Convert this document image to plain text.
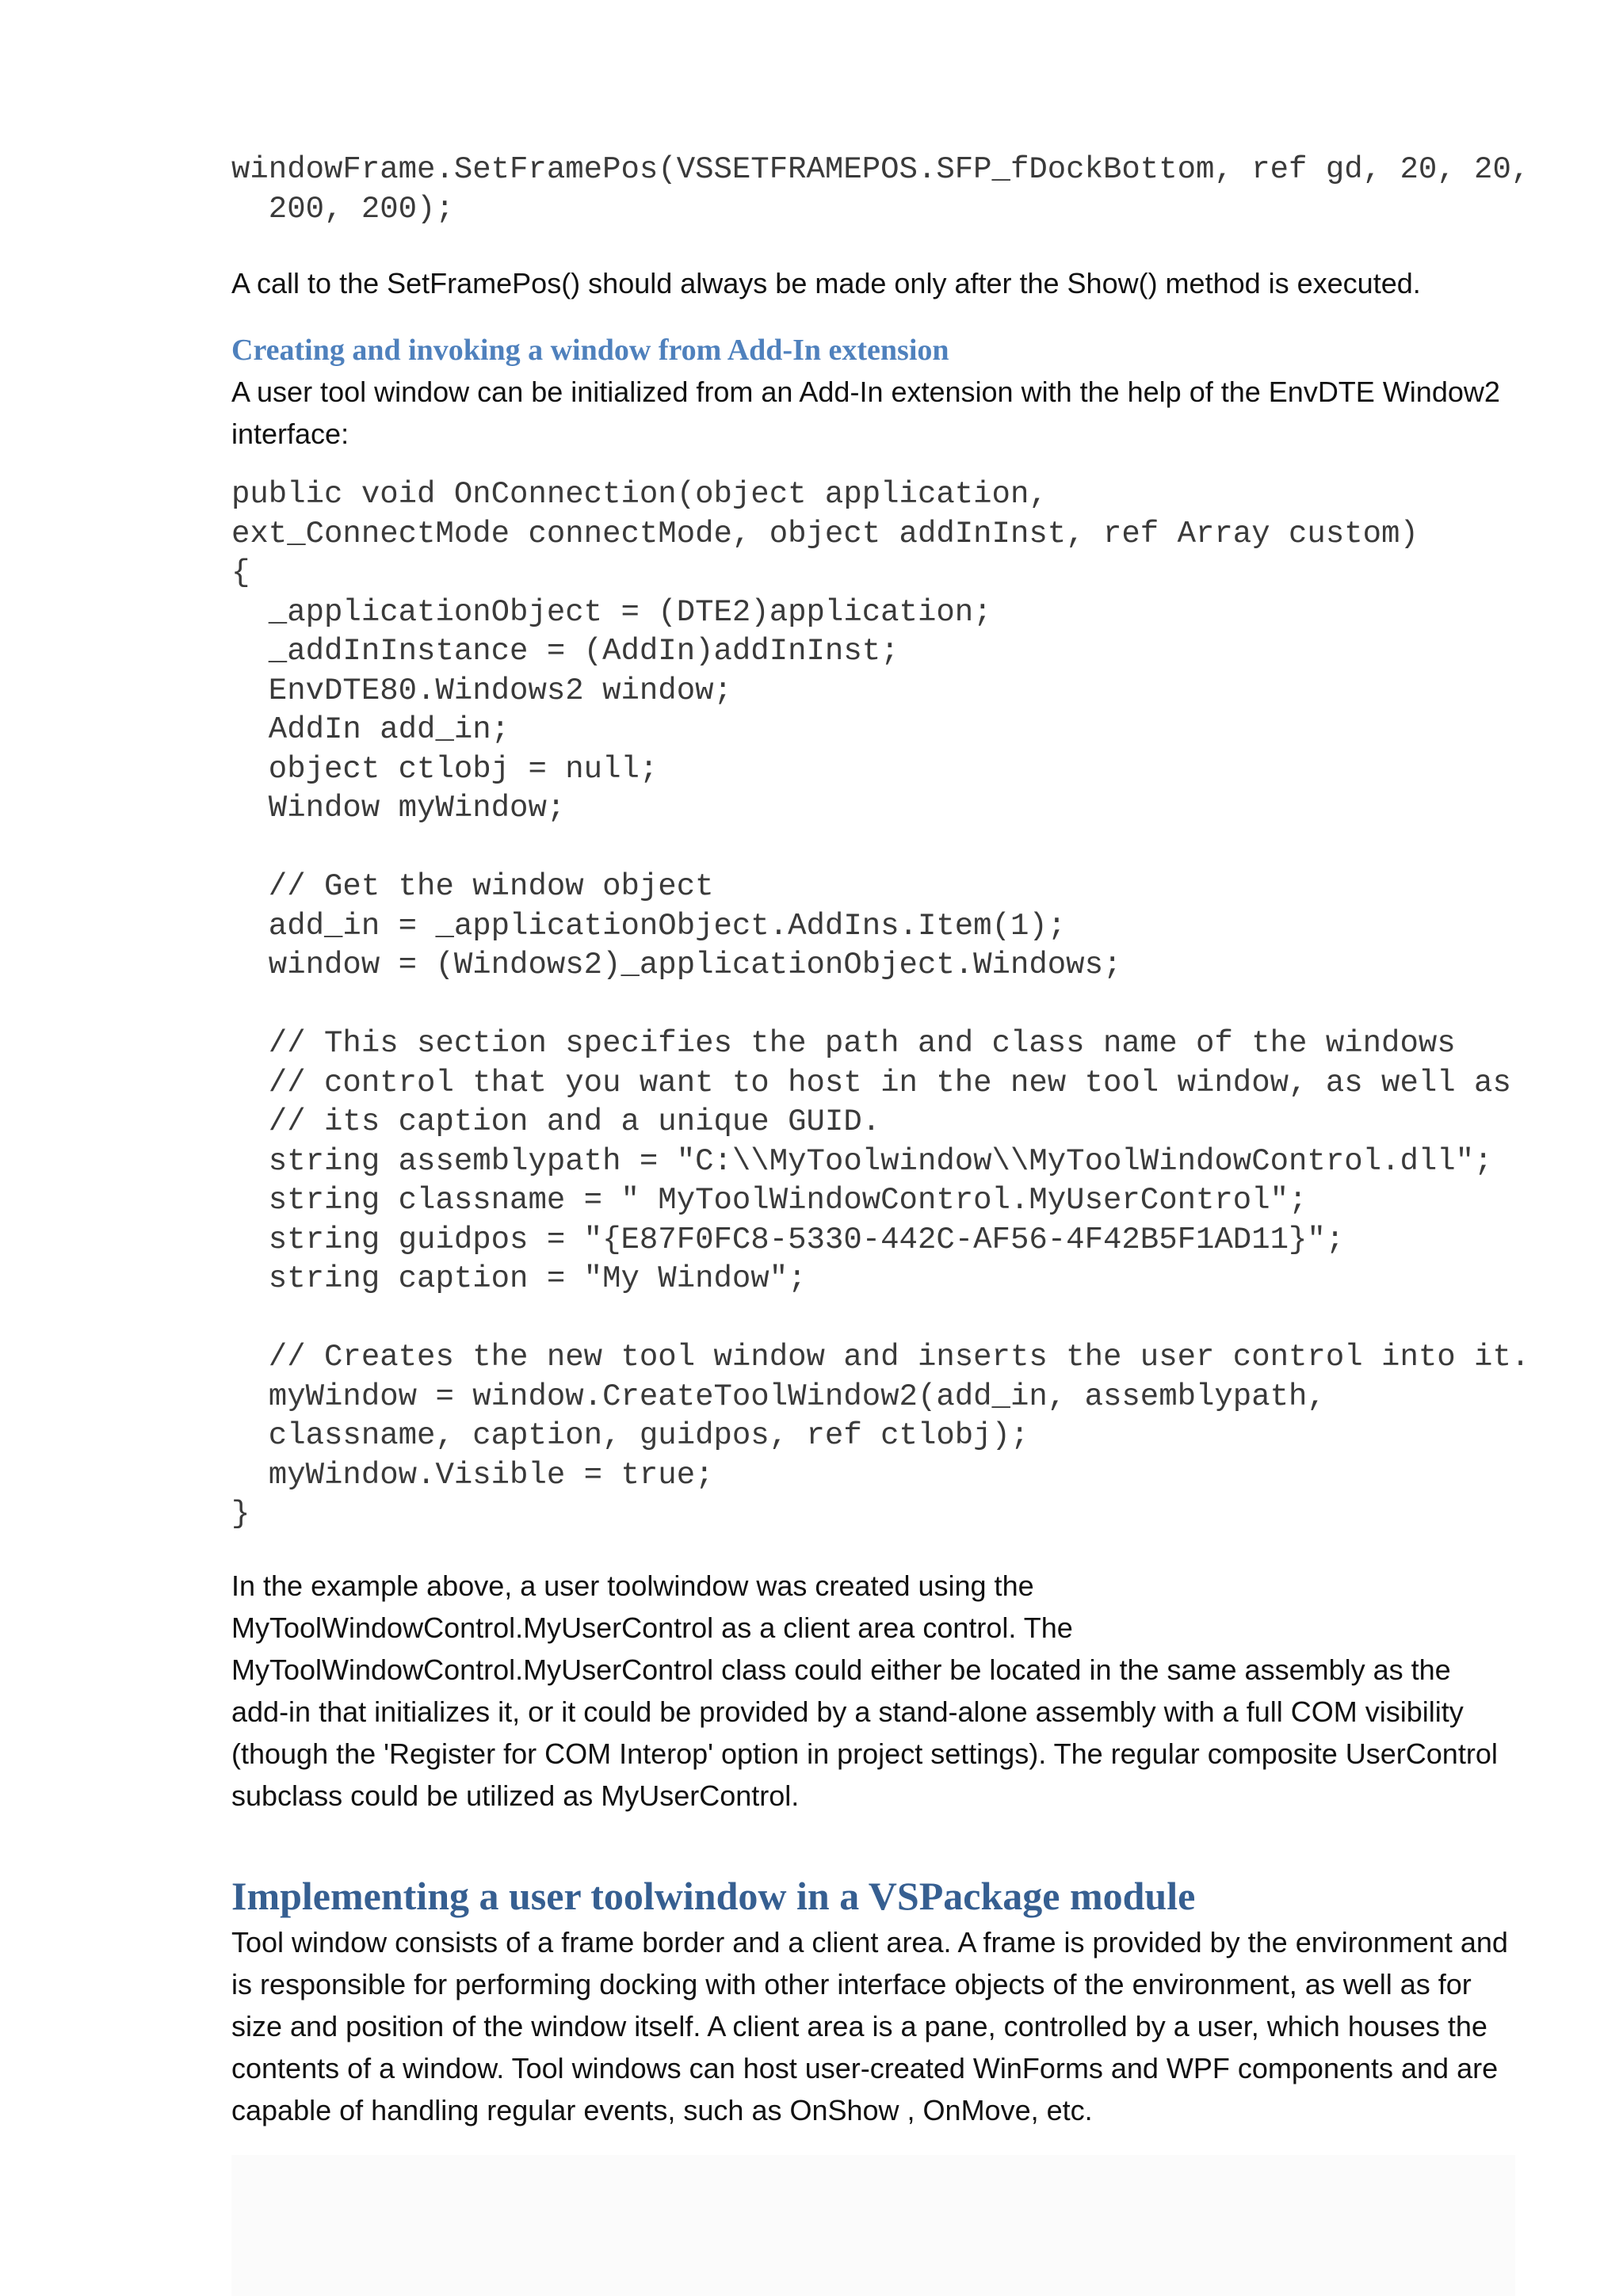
windowFrame.SetFramePos(VSSETFRAMEPOS.SFP_fDockBottom, ref gd, 20, 20,
200, 200);

A call to the SetFramePos() should always be made only after the Show() method is executed.

Creating and invoking a window from Add-In extension

A user tool window can be initialized from an Add-In extension with the help of the EnvDTE Window2 interface:

public void OnConnection(object application,
ext_ConnectMode connectMode, object addInInst, ref Array custom)
{
_applicationObject = (DTE2)application;
_addInInstance = (AddIn)addInInst;
EnvDTE80.Windows2 window;
AddIn add_in;
object ctlobj = null;
Window myWindow;
// Get the window object
add_in = _applicationObject.AddIns.Item(1);
window = (Windows2)_applicationObject.Windows;
// This section specifies the path and class name of the windows
// control that you want to host in the new tool window, as well as
// its caption and a unique GUID.
string assemblypath = "C:\\MyToolwindow\\MyToolWindowControl.dll";
string classname = " MyToolWindowControl.MyUserControl";
string guidpos = "{E87F0FC8-5330-442C-AF56-4F42B5F1AD11}";
string caption = "My Window";
// Creates the new tool window and inserts the user control into it.
myWindow = window.CreateToolWindow2(add_in, assemblypath,
classname, caption, guidpos, ref ctlobj);
myWindow.Visible = true;
}

In the example above, a user toolwindow was created using the MyToolWindowControl.MyUserControl as a client area control. The MyToolWindowControl.MyUserControl class could either be located in the same assembly as the add-in that initializes it, or it could be provided by a stand-alone assembly with a full COM visibility (though the 'Register for COM Interop' option in project settings). The regular composite UserControl subclass could be utilized as MyUserControl.

Implementing a user toolwindow in a VSPackage module

Tool window consists of a frame border and a client area. A frame is provided by the environment and is responsible for performing docking with other interface objects of the environment, as well as for size and position of the window itself. A client area is a pane, controlled by a user, which houses the contents of a window. Tool windows can host user-created WinForms and WPF components and are capable of handling regular events, such as OnShow , OnMove, etc.
